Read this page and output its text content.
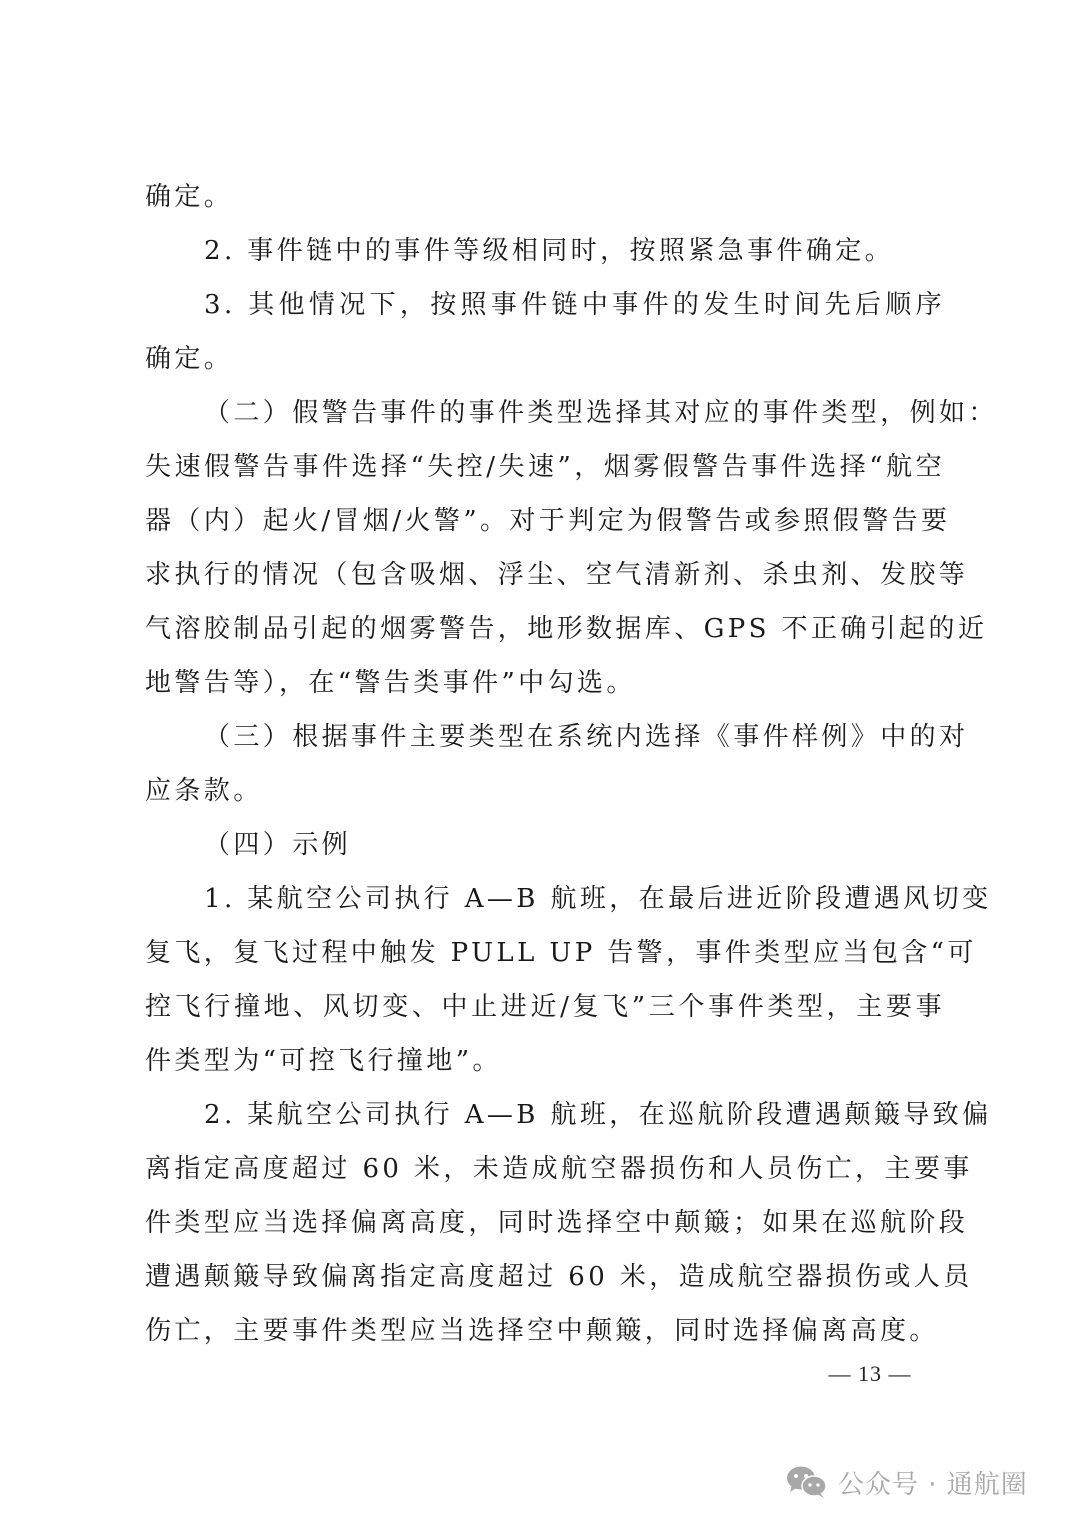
确定。
2. 事件链中的事件等级相同时，按照紧急事件确定。
3. 其他情况下，按照事件链中事件的发生时间先后顺序
确定。
（二）假警告事件的事件类型选择其对应的事件类型，例如：
失速假警告事件选择“失控/失速”，烟雾假警告事件选择“航空
器（内）起火/冒烟/火警”。对于判定为假警告或参照假警告要
求执行的情况（包含吸烟、浮尘、空气清新剂、杀虫剂、发胶等
气溶胶制品引起的烟雾警告，地形数据库、GPS 不正确引起的近
地警告等），在“警告类事件”中勾选。
（三）根据事件主要类型在系统内选择《事件样例》中的对
应条款。
（四）示例
1. 某航空公司执行 A—B 航班，在最后进近阶段遭遇风切变
复飞，复飞过程中触发 PULL UP 告警，事件类型应当包含“可
控飞行撞地、风切变、中止进近/复飞”三个事件类型，主要事
件类型为“可控飞行撞地”。
2. 某航空公司执行 A—B 航班，在巡航阶段遭遇颠簸导致偏
离指定高度超过 60 米，未造成航空器损伤和人员伤亡，主要事
件类型应当选择偏离高度，同时选择空中颠簸；如果在巡航阶段
遭遇颠簸导致偏离指定高度超过 60 米，造成航空器损伤或人员
伤亡，主要事件类型应当选择空中颠簸，同时选择偏离高度。
— 13 —
公众号 · 通航圈
